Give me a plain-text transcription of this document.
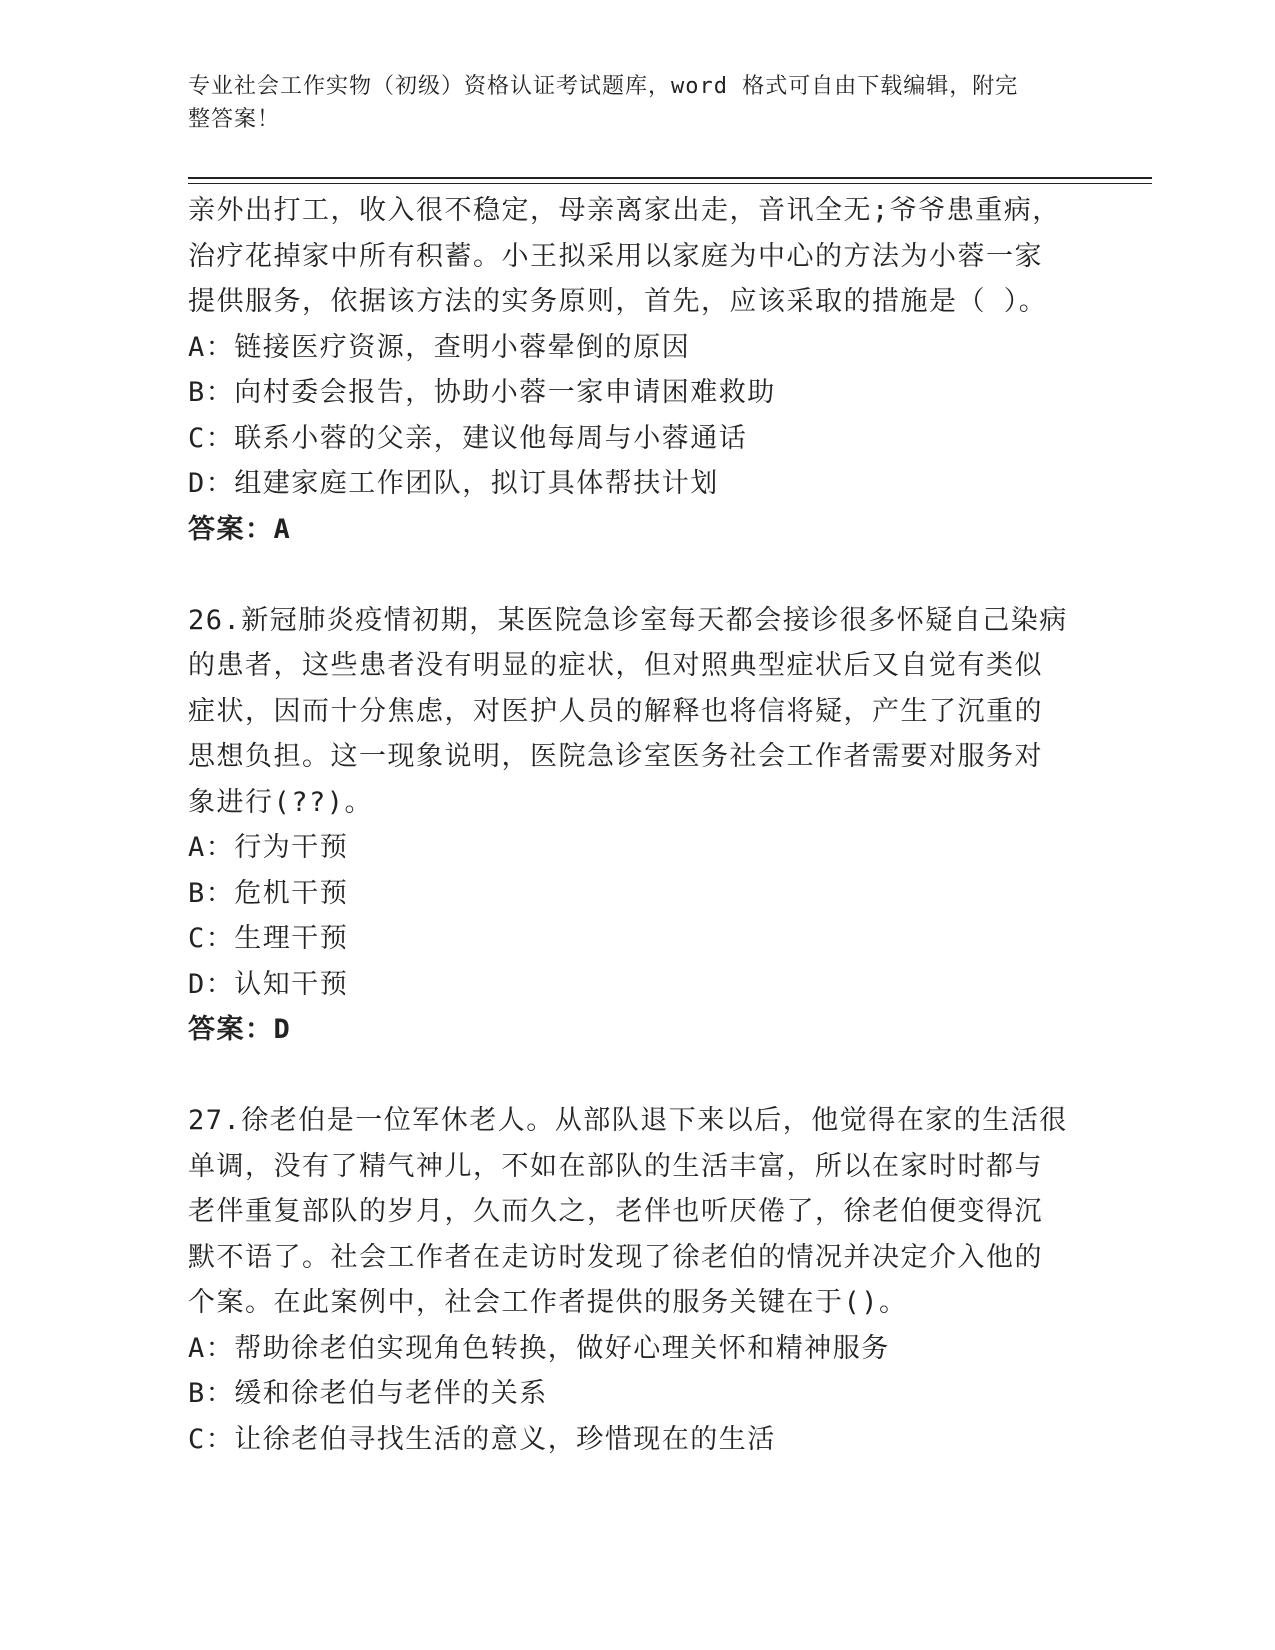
专业社会工作实物（初级）资格认证考试题库，word 格式可自由下载编辑，附完
整答案！
亲外出打工，收入很不稳定，母亲离家出走，音讯全无;爷爷患重病，
治疗花掉家中所有积蓄。小王拟采用以家庭为中心的方法为小蓉一家
提供服务，依据该方法的实务原则，首先，应该采取的措施是（ ）。
A：链接医疗资源，查明小蓉晕倒的原因
B：向村委会报告，协助小蓉一家申请困难救助
C：联系小蓉的父亲，建议他每周与小蓉通话
D：组建家庭工作团队，拟订具体帮扶计划
答案：A
26.新冠肺炎疫情初期，某医院急诊室每天都会接诊很多怀疑自己染病
的患者，这些患者没有明显的症状，但对照典型症状后又自觉有类似
症状，因而十分焦虑，对医护人员的解释也将信将疑，产生了沉重的
思想负担。这一现象说明，医院急诊室医务社会工作者需要对服务对
象进行(??)。
A：行为干预
B：危机干预
C：生理干预
D：认知干预
答案：D
27.徐老伯是一位军休老人。从部队退下来以后，他觉得在家的生活很
单调，没有了精气神儿，不如在部队的生活丰富，所以在家时时都与
老伴重复部队的岁月，久而久之，老伴也听厌倦了，徐老伯便变得沉
默不语了。社会工作者在走访时发现了徐老伯的情况并决定介入他的
个案。在此案例中，社会工作者提供的服务关键在于()。
A：帮助徐老伯实现角色转换，做好心理关怀和精神服务
B：缓和徐老伯与老伴的关系
C：让徐老伯寻找生活的意义，珍惜现在的生活
